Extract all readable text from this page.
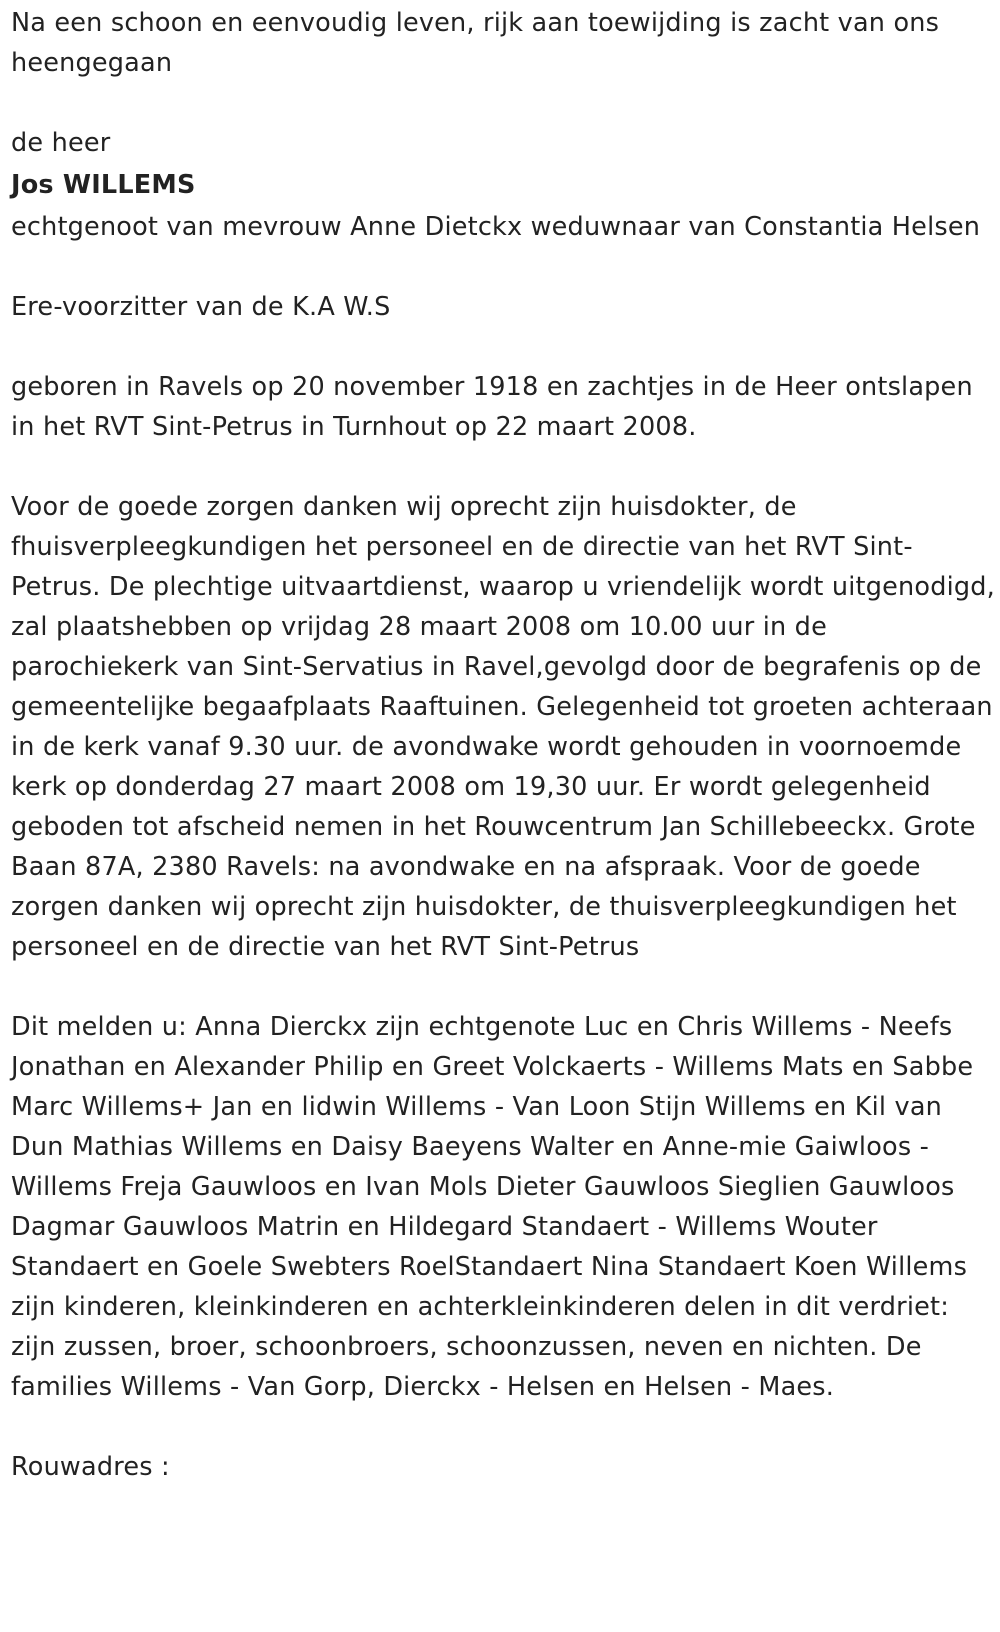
Na een schoon en eenvoudig leven, rijk aan toewijding is zacht van ons heengegaan

de heer

Jos WILLEMS

echtgenoot van mevrouw Anne Dietckx weduwnaar van Constantia Helsen

Ere-voorzitter van de K.A W.S

geboren in Ravels op 20 november 1918 en zachtjes in de Heer ontslapen in het RVT Sint-Petrus in Turnhout op 22 maart 2008.

Voor de goede zorgen danken wij oprecht zijn huisdokter, de fhuisverpleegkundigen het personeel en de directie van het RVT Sint-Petrus. De plechtige uitvaartdienst, waarop u vriendelijk wordt uitgenodigd, zal plaatshebben op vrijdag 28 maart 2008 om 10.00 uur in de parochiekerk van Sint-Servatius in Ravel,gevolgd door de begrafenis op de gemeentelijke begaafplaats Raaftuinen. Gelegenheid tot groeten achteraan in de kerk vanaf 9.30 uur. de avondwake wordt gehouden in voornoemde kerk op donderdag 27 maart 2008 om 19,30 uur. Er wordt gelegenheid geboden tot afscheid nemen in het Rouwcentrum Jan Schillebeeckx. Grote Baan 87A, 2380 Ravels: na avondwake en na afspraak. Voor de goede zorgen danken wij oprecht zijn huisdokter, de thuisverpleegkundigen het personeel en de directie van het RVT Sint-Petrus

Dit melden u: Anna Dierckx zijn echtgenote Luc en Chris Willems - Neefs Jonathan en Alexander Philip en Greet Volckaerts - Willems Mats en Sabbe Marc Willems+ Jan en lidwin Willems - Van Loon Stijn Willems en Kil van Dun Mathias Willems en Daisy Baeyens Walter en Anne-mie Gaiwloos - Willems Freja Gauwloos en Ivan Mols Dieter Gauwloos Sieglien Gauwloos Dagmar Gauwloos Matrin en Hildegard Standaert - Willems Wouter Standaert en Goele Swebters RoelStandaert Nina Standaert Koen Willems zijn kinderen, kleinkinderen en achterkleinkinderen delen in dit verdriet: zijn zussen, broer, schoonbroers, schoonzussen, neven en nichten. De families Willems - Van Gorp, Dierckx - Helsen en Helsen - Maes.

Rouwadres :
